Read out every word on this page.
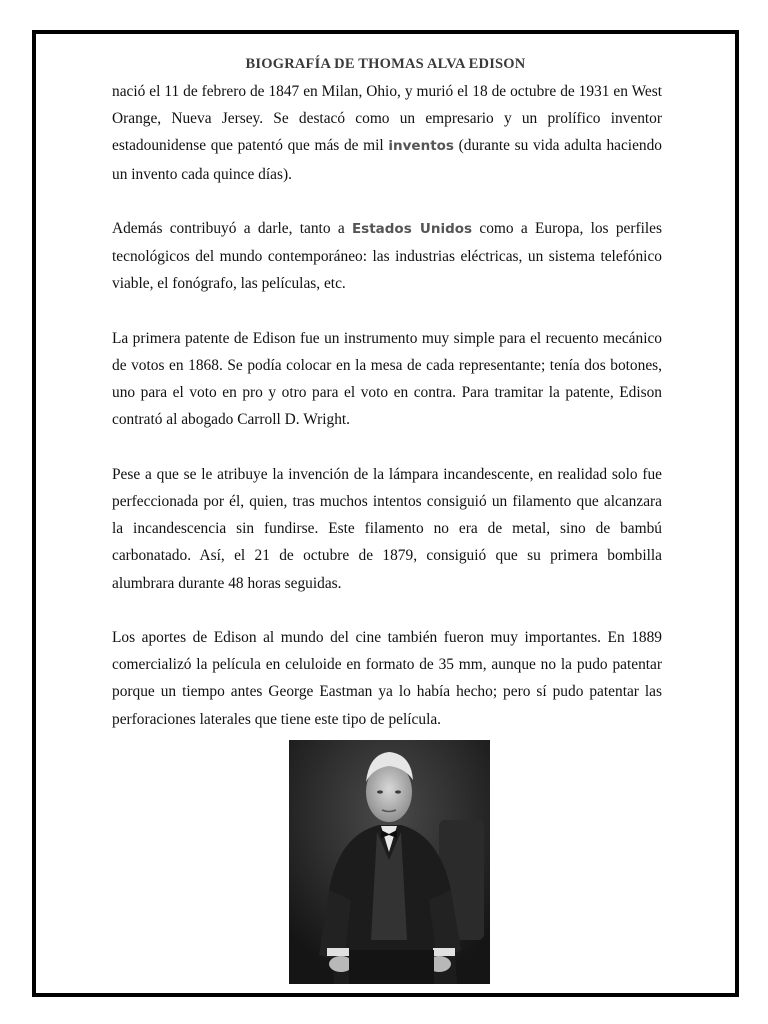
BIOGRAFÍA DE THOMAS ALVA EDISON

nació el 11 de febrero de 1847 en Milan, Ohio, y murió el 18 de octubre de 1931 en West Orange, Nueva Jersey. Se destacó como un empresario y un prolífico inventor estadounidense que patentó que más de mil inventos (durante su vida adulta haciendo un invento cada quince días).

Además contribuyó a darle, tanto a Estados Unidos como a Europa, los perfiles tecnológicos del mundo contemporáneo: las industrias eléctricas, un sistema telefónico viable, el fonógrafo, las películas, etc.

La primera patente de Edison fue un instrumento muy simple para el recuento mecánico de votos en 1868. Se podía colocar en la mesa de cada representante; tenía dos botones, uno para el voto en pro y otro para el voto en contra. Para tramitar la patente, Edison contrató al abogado Carroll D. Wright.

Pese a que se le atribuye la invención de la lámpara incandescente, en realidad solo fue perfeccionada por él, quien, tras muchos intentos consiguió un filamento que alcanzara la incandescencia sin fundirse. Este filamento no era de metal, sino de bambú carbonatado. Así, el 21 de octubre de 1879, consiguió que su primera bombilla alumbrara durante 48 horas seguidas.

Los aportes de Edison al mundo del cine también fueron muy importantes. En 1889 comercializó la película en celuloide en formato de 35 mm, aunque no la pudo patentar porque un tiempo antes George Eastman ya lo había hecho; pero sí pudo patentar las perforaciones laterales que tiene este tipo de película.
